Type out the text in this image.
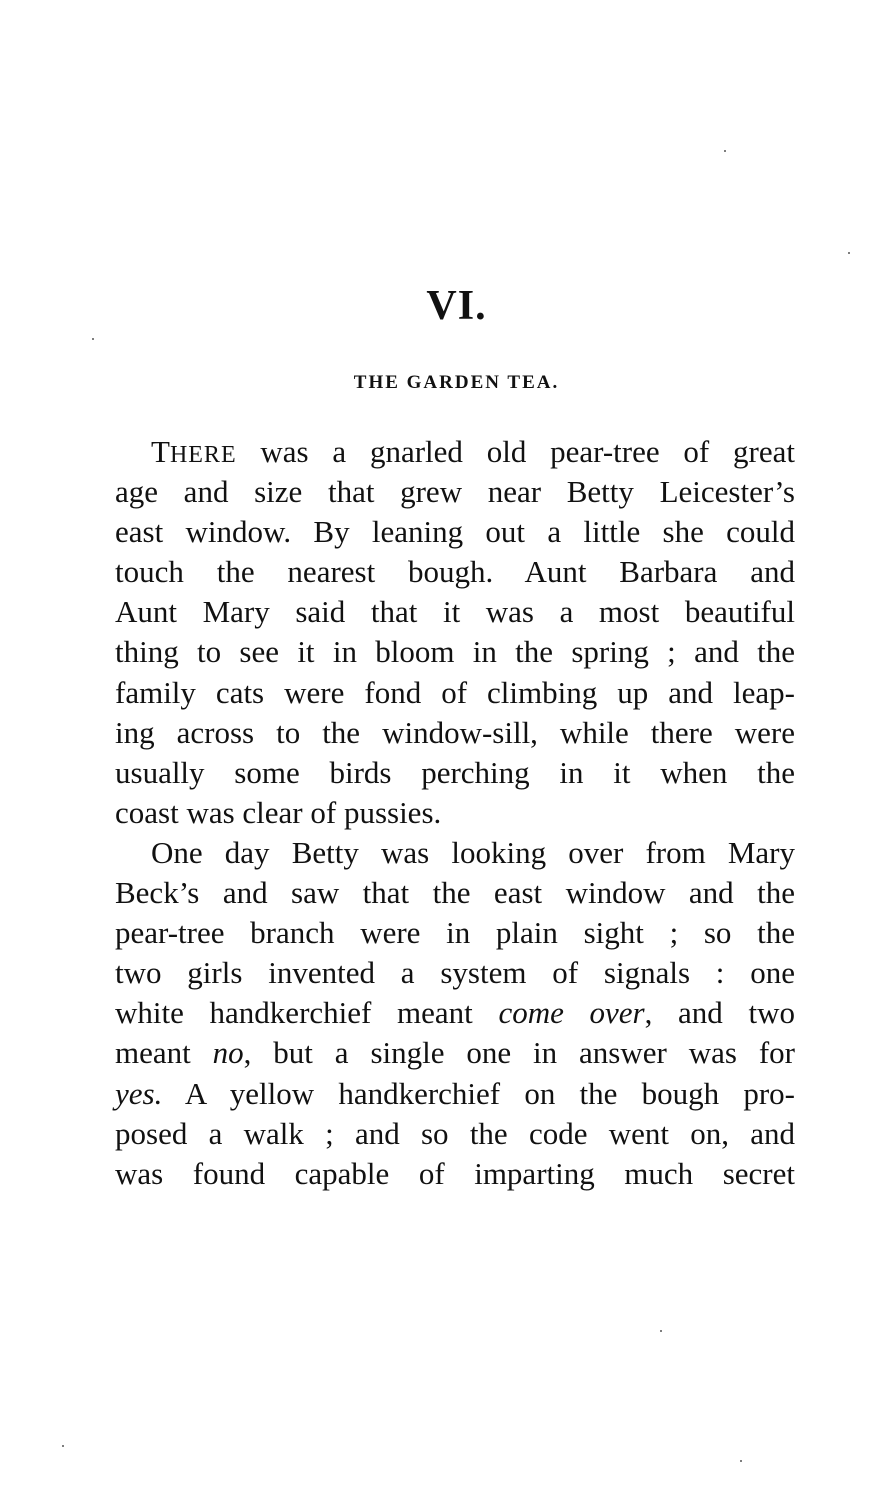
VI.
THE GARDEN TEA.
THERE was a gnarled old pear-tree of great
age and size that grew near Betty Leicester’s
east window. By leaning out a little she could
touch the nearest bough. Aunt Barbara and
Aunt Mary said that it was a most beautiful
thing to see it in bloom in the spring ; and the
family cats were fond of climbing up and leap-
ing across to the window-sill, while there were
usually some birds perching in it when the
coast was clear of pussies.
One day Betty was looking over from Mary
Beck’s and saw that the east window and the
pear-tree branch were in plain sight ; so the
two girls invented a system of signals : one
white handkerchief meant come over, and two
meant no, but a single one in answer was for
yes. A yellow handkerchief on the bough pro-
posed a walk ; and so the code went on, and
was found capable of imparting much secret
